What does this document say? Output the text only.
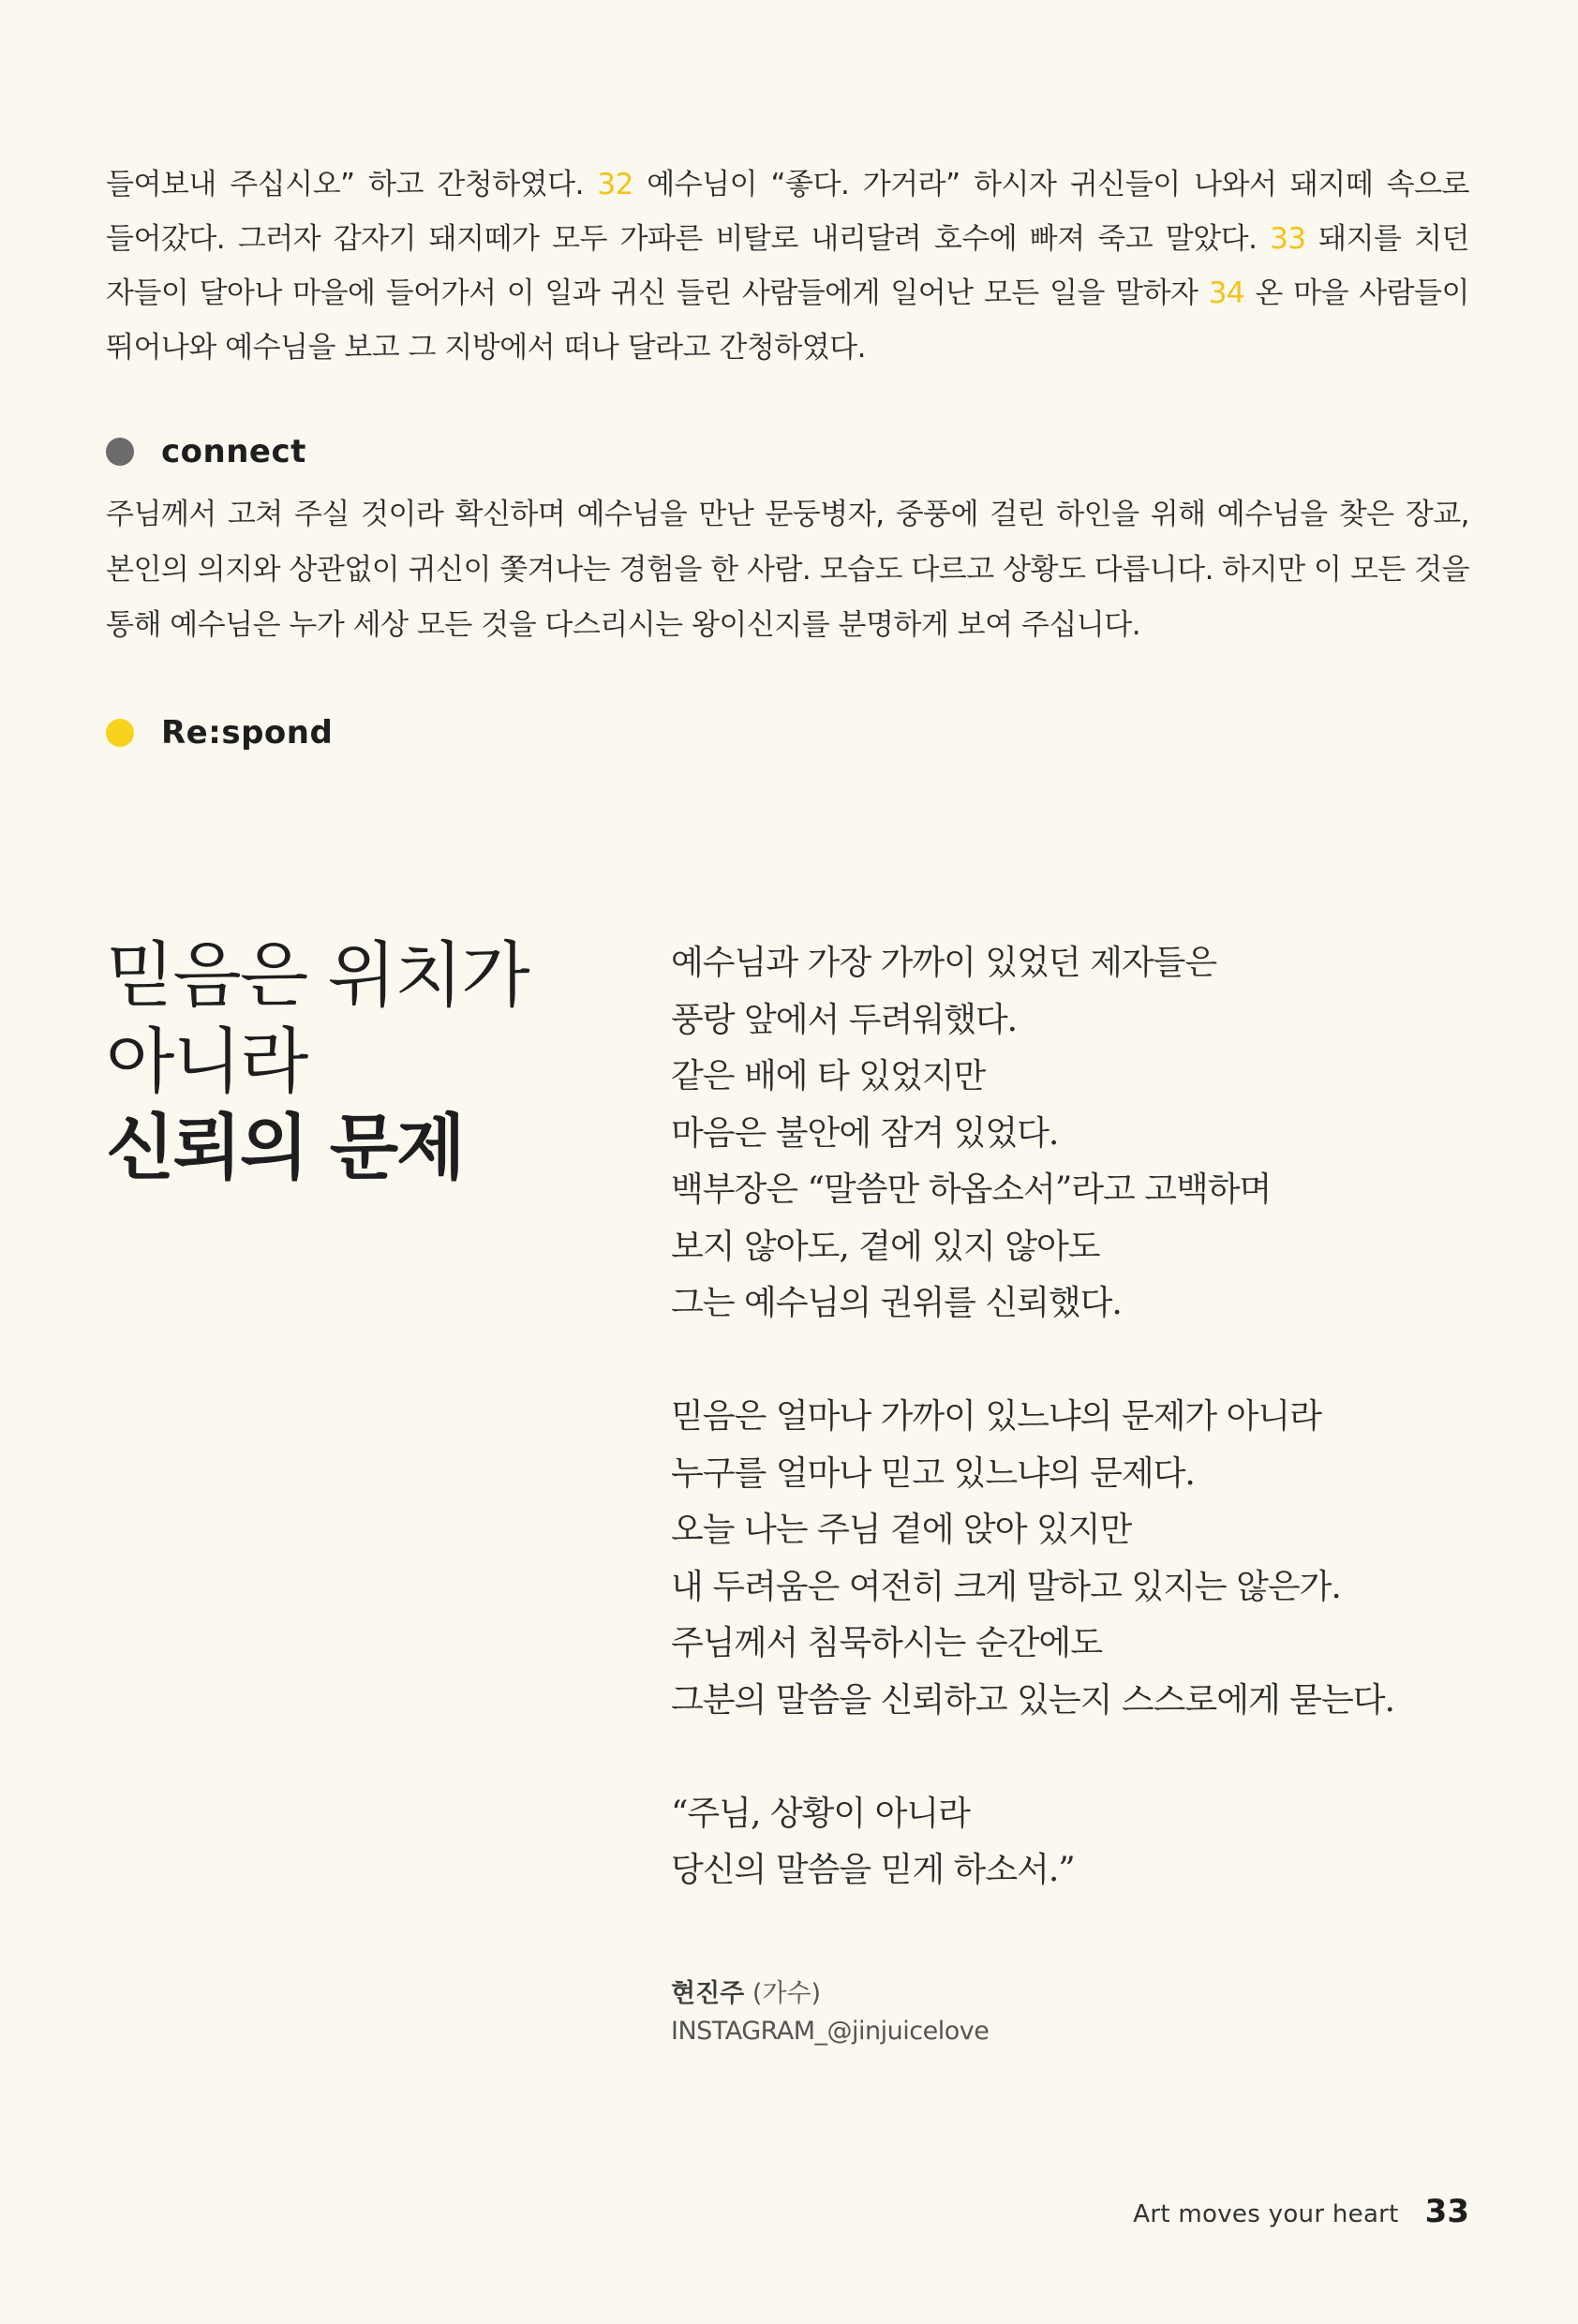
들여보내 주십시오” 하고 간청하였다. 32 예수님이 “좋다. 가거라” 하시자 귀신들이 나와서 돼지떼 속으로 들어갔다. 그러자 갑자기 돼지떼가 모두 가파른 비탈로 내리달려 호수에 빠져 죽고 말았다. 33 돼지를 치던 자들이 달아나 마을에 들어가서 이 일과 귀신 들린 사람들에게 일어난 모든 일을 말하자 34 온 마을 사람들이 뛰어나와 예수님을 보고 그 지방에서 떠나 달라고 간청하였다.
connect
주님께서 고쳐 주실 것이라 확신하며 예수님을 만난 문둥병자, 중풍에 걸린 하인을 위해 예수님을 찾은 장교, 본인의 의지와 상관없이 귀신이 쫓겨나는 경험을 한 사람. 모습도 다르고 상황도 다릅니다. 하지만 이 모든 것을 통해 예수님은 누가 세상 모든 것을 다스리시는 왕이신지를 분명하게 보여 주십니다.
Re:spond
믿음은 위치가
아니라
신뢰의 문제
예수님과 가장 가까이 있었던 제자들은
풍랑 앞에서 두려워했다.
같은 배에 타 있었지만
마음은 불안에 잠겨 있었다.
백부장은 “말씀만 하옵소서”라고 고백하며
보지 않아도, 곁에 있지 않아도
그는 예수님의 권위를 신뢰했다.
믿음은 얼마나 가까이 있느냐의 문제가 아니라
누구를 얼마나 믿고 있느냐의 문제다.
오늘 나는 주님 곁에 앉아 있지만
내 두려움은 여전히 크게 말하고 있지는 않은가.
주님께서 침묵하시는 순간에도
그분의 말씀을 신뢰하고 있는지 스스로에게 묻는다.
“주님, 상황이 아니라
당신의 말씀을 믿게 하소서.”
현진주 (가수)
INSTAGRAM_@jinjuicelove
Art moves your heart 33
